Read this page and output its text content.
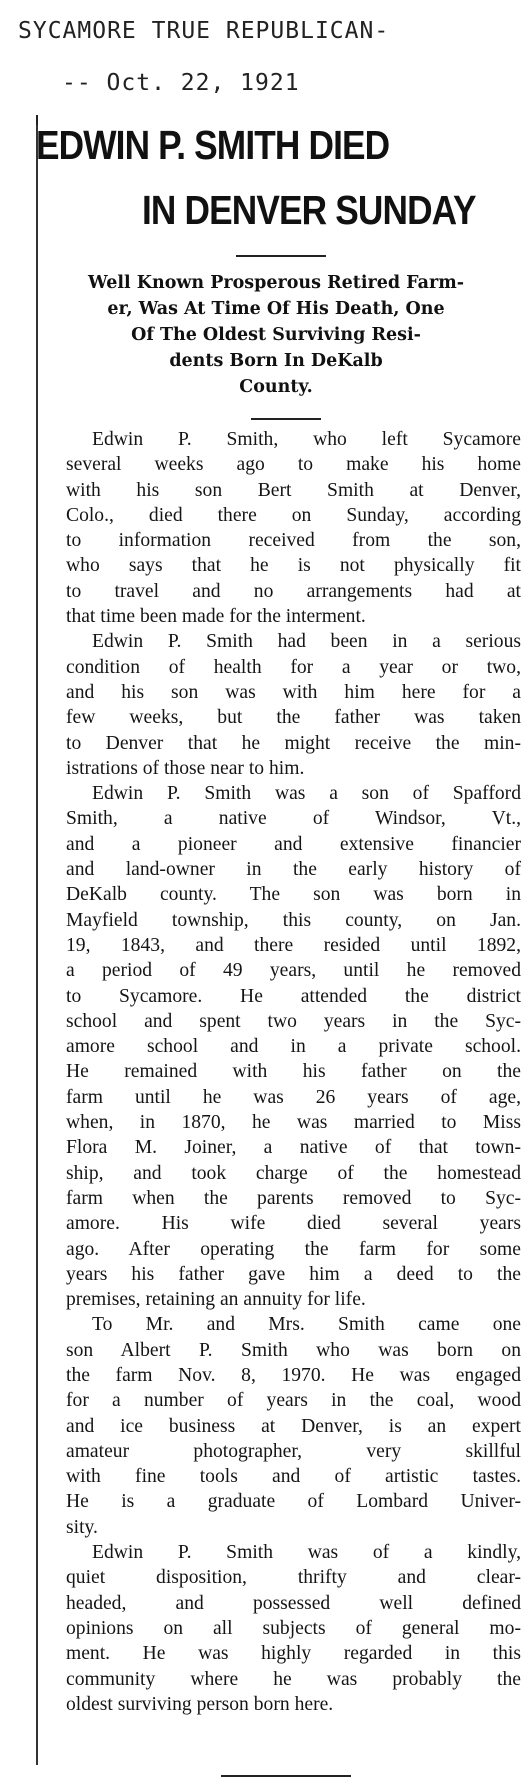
SYCAMORE TRUE REPUBLICAN-
-- Oct. 22, 1921
EDWIN P. SMITH DIED
IN DENVER SUNDAY
Well Known Prosperous Retired Farm-
er, Was At Time Of His Death, One
Of The Oldest Surviving Resi-
dents Born In DeKalb
County.
Edwin P. Smith, who left Sycamore
several weeks ago to make his home
with his son Bert Smith at Denver,
Colo., died there on Sunday, according
to information received from the son,
who says that he is not physically fit
to travel and no arrangements had at
that time been made for the interment.
Edwin P. Smith had been in a serious
condition of health for a year or two,
and his son was with him here for a
few weeks, but the father was taken
to Denver that he might receive the min-
istrations of those near to him.
Edwin P. Smith was a son of Spafford
Smith, a native of Windsor, Vt.,
and a pioneer and extensive financier
and land-owner in the early history of
DeKalb county. The son was born in
Mayfield township, this county, on Jan.
19, 1843, and there resided until 1892,
a period of 49 years, until he removed
to Sycamore. He attended the district
school and spent two years in the Syc-
amore school and in a private school.
He remained with his father on the
farm until he was 26 years of age,
when, in 1870, he was married to Miss
Flora M. Joiner, a native of that town-
ship, and took charge of the homestead
farm when the parents removed to Syc-
amore. His wife died several years
ago. After operating the farm for some
years his father gave him a deed to the
premises, retaining an annuity for life.
To Mr. and Mrs. Smith came one
son Albert P. Smith who was born on
the farm Nov. 8, 1970. He was engaged
for a number of years in the coal, wood
and ice business at Denver, is an expert
amateur photographer, very skillful
with fine tools and of artistic tastes.
He is a graduate of Lombard Univer-
sity.
Edwin P. Smith was of a kindly,
quiet disposition, thrifty and clear-
headed, and possessed well defined
opinions on all subjects of general mo-
ment. He was highly regarded in this
community where he was probably the
oldest surviving person born here.
